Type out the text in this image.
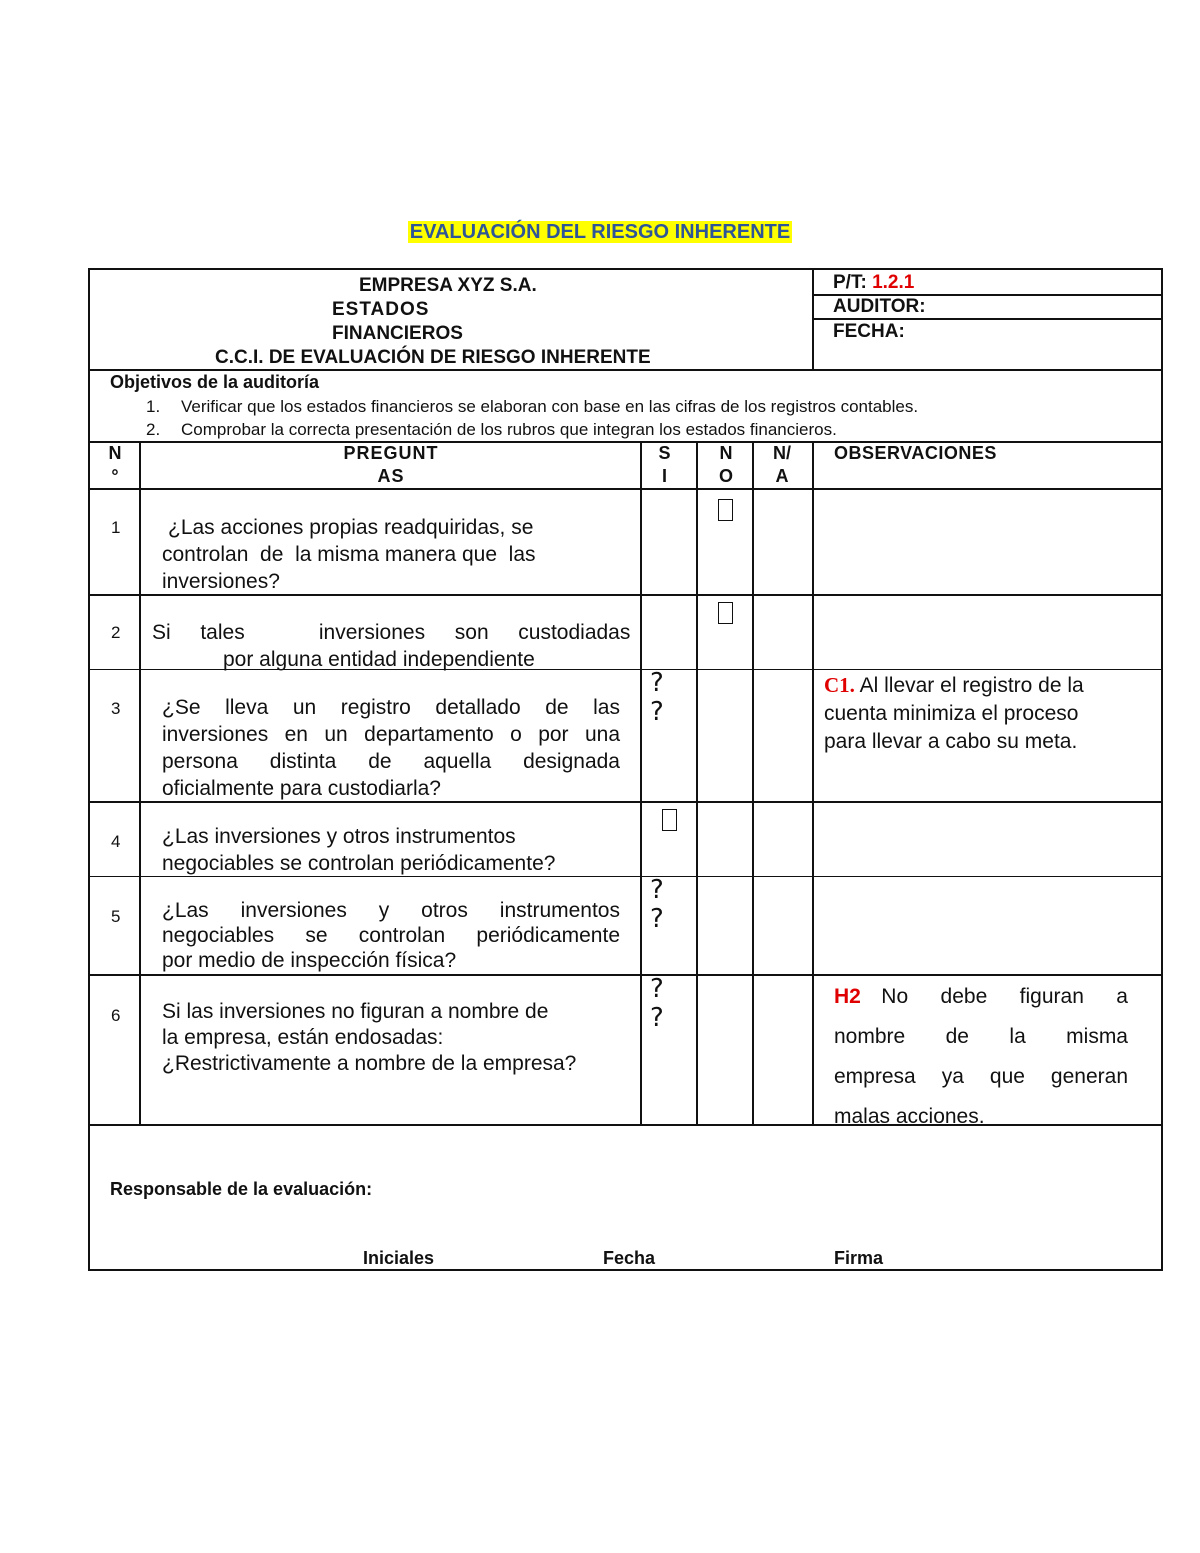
EVALUACIÓN DEL RIESGO INHERENTE
EMPRESA XYZ S.A.
ESTADOS
FINANCIEROS
C.C.I. DE EVALUACIÓN DE RIESGO INHERENTE
P/T: 1.2.1
AUDITOR:
FECHA:
Objetivos de la auditoría
1. Verificar que los estados financieros se elaboran con base en las cifras de los registros contables.
2. Comprobar la correcta presentación de los rubros que integran los estados financieros.
N
°
PREGUNT
AS
S
I
N
O
N/
A
OBSERVACIONES
1 ¿Las acciones propias readquiridas, se
controlan  de  la misma manera que  las
inversiones?
2 Si  tales     inversiones  son  custodiadas
por alguna entidad independiente
3 ¿Se lleva un registro detallado de las
inversiones en un departamento o por una
persona distinta de aquella designada
oficialmente para custodiarla?
?
?
C1. Al llevar el registro de la
cuenta minimiza el proceso
para llevar a cabo su meta.
4 ¿Las inversiones y otros instrumentos
negociables se controlan periódicamente?
5 ¿Las inversiones y otros instrumentos
negociables se controlan periódicamente
por medio de inspección física?
?
?
6 Si las inversiones no figuran a nombre de
la empresa, están endosadas:
¿Restrictivamente a nombre de la empresa?
?
?
H2 No debe figuran a
nombre de la misma
empresa ya que generan
malas acciones.
Responsable de la evaluación:
Iniciales	Fecha	Firma
